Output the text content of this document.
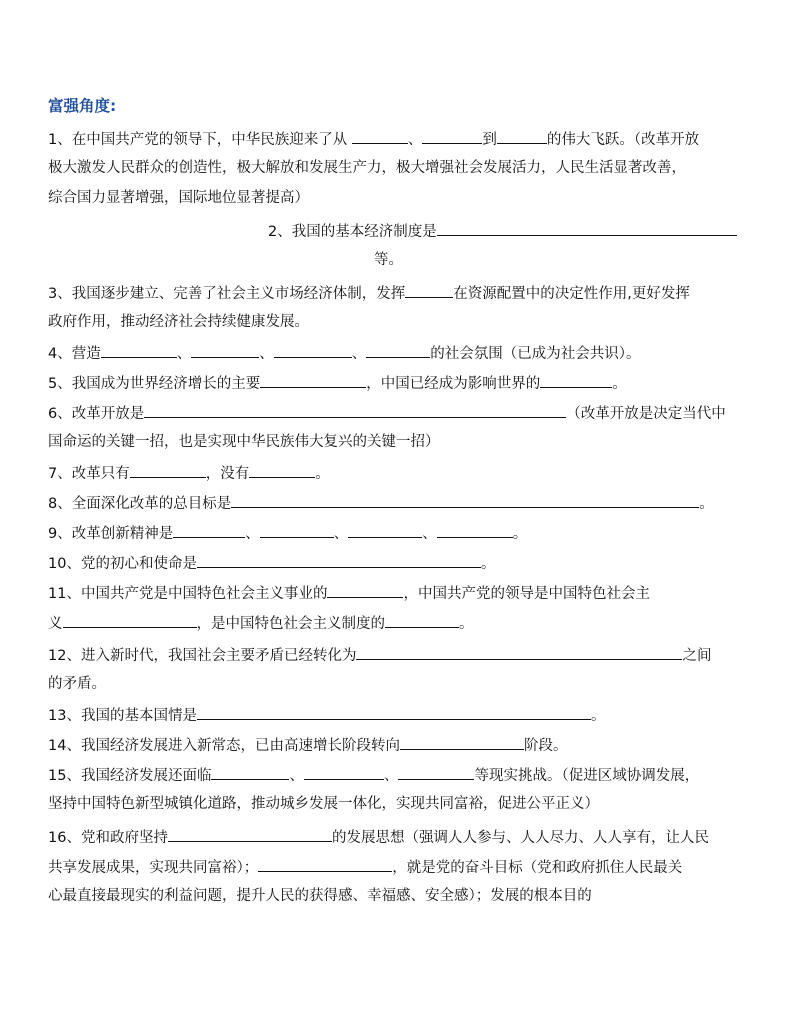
富强角度:
1、在中国共产党的领导下，中华民族迎来了从	、	到	的伟大飞跃。（改革开放
极大激发人民群众的创造性，极大解放和发展生产力，极大增强社会发展活力，人民生活显著改善，
综合国力显著增强，国际地位显著提高）
2、我国的基本经济制度是
等。
3、我国逐步建立、完善了社会主义市场经济体制，发挥	在资源配置中的决定性作用,更好发挥
政府作用，推动经济社会持续健康发展。
4、营造	、	、	、	的社会氛围（已成为社会共识）。
5、我国成为世界经济增长的主要	，中国已经成为影响世界的	。
6、改革开放是	（改革开放是决定当代中
国命运的关键一招，也是实现中华民族伟大复兴的关键一招）
7、改革只有	，没有	。
8、全面深化改革的总目标是	。
9、改革创新精神是	、	、	、	。
10、党的初心和使命是	。
11、中国共产党是中国特色社会主义事业的	，中国共产党的领导是中国特色社会主
义	，是中国特色社会主义制度的	。
12、进入新时代，我国社会主要矛盾已经转化为	之间
的矛盾。
13、我国的基本国情是	。
14、我国经济发展进入新常态，已由高速增长阶段转向	阶段。
15、我国经济发展还面临	、	、	等现实挑战。（促进区域协调发展，
坚持中国特色新型城镇化道路，推动城乡发展一体化，实现共同富裕，促进公平正义）
16、党和政府坚持	的发展思想（强调人人参与、人人尽力、人人享有，让人民
共享发展成果，实现共同富裕）；	，就是党的奋斗目标（党和政府抓住人民最关
心最直接最现实的利益问题，提升人民的获得感、幸福感、安全感）；发展的根本目的
